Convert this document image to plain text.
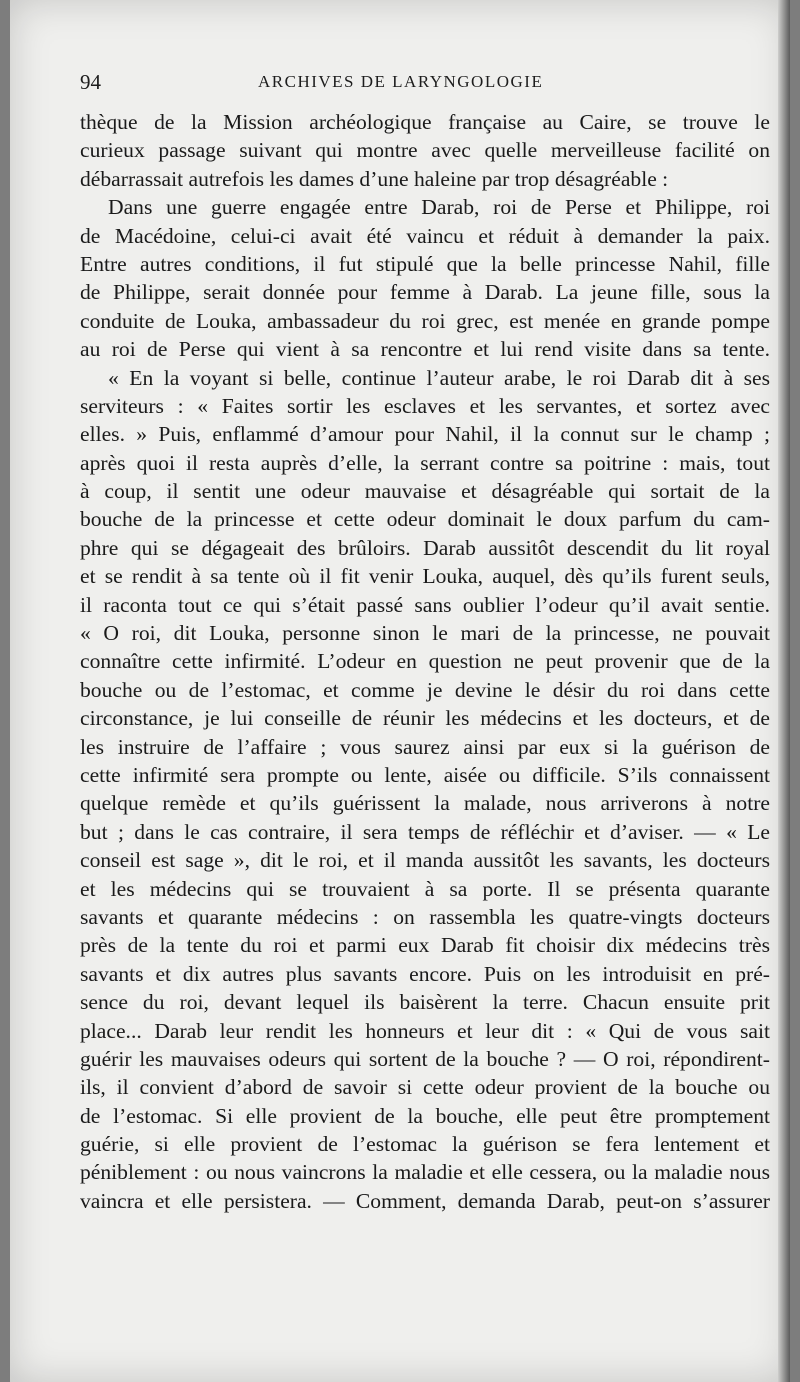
94	ARCHIVES DE LARYNGOLOGIE
thèque de la Mission archéologique française au Caire, se trouve le
curieux passage suivant qui montre avec quelle merveilleuse facilité on
débarrassait autrefois les dames d’une haleine par trop désagréable :
Dans une guerre engagée entre Darab, roi de Perse et Philippe, roi
de Macédoine, celui-ci avait été vaincu et réduit à demander la paix.
Entre autres conditions, il fut stipulé que la belle princesse Nahil, fille
de Philippe, serait donnée pour femme à Darab. La jeune fille, sous la
conduite de Louka, ambassadeur du roi grec, est menée en grande pompe
au roi de Perse qui vient à sa rencontre et lui rend visite dans sa tente.
« En la voyant si belle, continue l’auteur arabe, le roi Darab dit à ses
serviteurs : « Faites sortir les esclaves et les servantes, et sortez avec
elles. » Puis, enflammé d’amour pour Nahil, il la connut sur le champ ;
après quoi il resta auprès d’elle, la serrant contre sa poitrine : mais, tout
à coup, il sentit une odeur mauvaise et désagréable qui sortait de la
bouche de la princesse et cette odeur dominait le doux parfum du cam-
phre qui se dégageait des brûloirs. Darab aussitôt descendit du lit royal
et se rendit à sa tente où il fit venir Louka, auquel, dès qu’ils furent seuls,
il raconta tout ce qui s’était passé sans oublier l’odeur qu’il avait sentie.
« O roi, dit Louka, personne sinon le mari de la princesse, ne pouvait
connaître cette infirmité. L’odeur en question ne peut provenir que de la
bouche ou de l’estomac, et comme je devine le désir du roi dans cette
circonstance, je lui conseille de réunir les médecins et les docteurs, et de
les instruire de l’affaire ; vous saurez ainsi par eux si la guérison de
cette infirmité sera prompte ou lente, aisée ou difficile. S’ils connaissent
quelque remède et qu’ils guérissent la malade, nous arriverons à notre
but ; dans le cas contraire, il sera temps de réfléchir et d’aviser. — « Le
conseil est sage », dit le roi, et il manda aussitôt les savants, les docteurs
et les médecins qui se trouvaient à sa porte. Il se présenta quarante
savants et quarante médecins : on rassembla les quatre-vingts docteurs
près de la tente du roi et parmi eux Darab fit choisir dix médecins très
savants et dix autres plus savants encore. Puis on les introduisit en pré-
sence du roi, devant lequel ils baisèrent la terre. Chacun ensuite prit
place... Darab leur rendit les honneurs et leur dit : « Qui de vous sait
guérir les mauvaises odeurs qui sortent de la bouche ? — O roi, répondirent-
ils, il convient d’abord de savoir si cette odeur provient de la bouche ou
de l’estomac. Si elle provient de la bouche, elle peut être promptement
guérie, si elle provient de l’estomac la guérison se fera lentement et
péniblement : ou nous vaincrons la maladie et elle cessera, ou la maladie nous
vaincra et elle persistera. — Comment, demanda Darab, peut-on s’assurer
